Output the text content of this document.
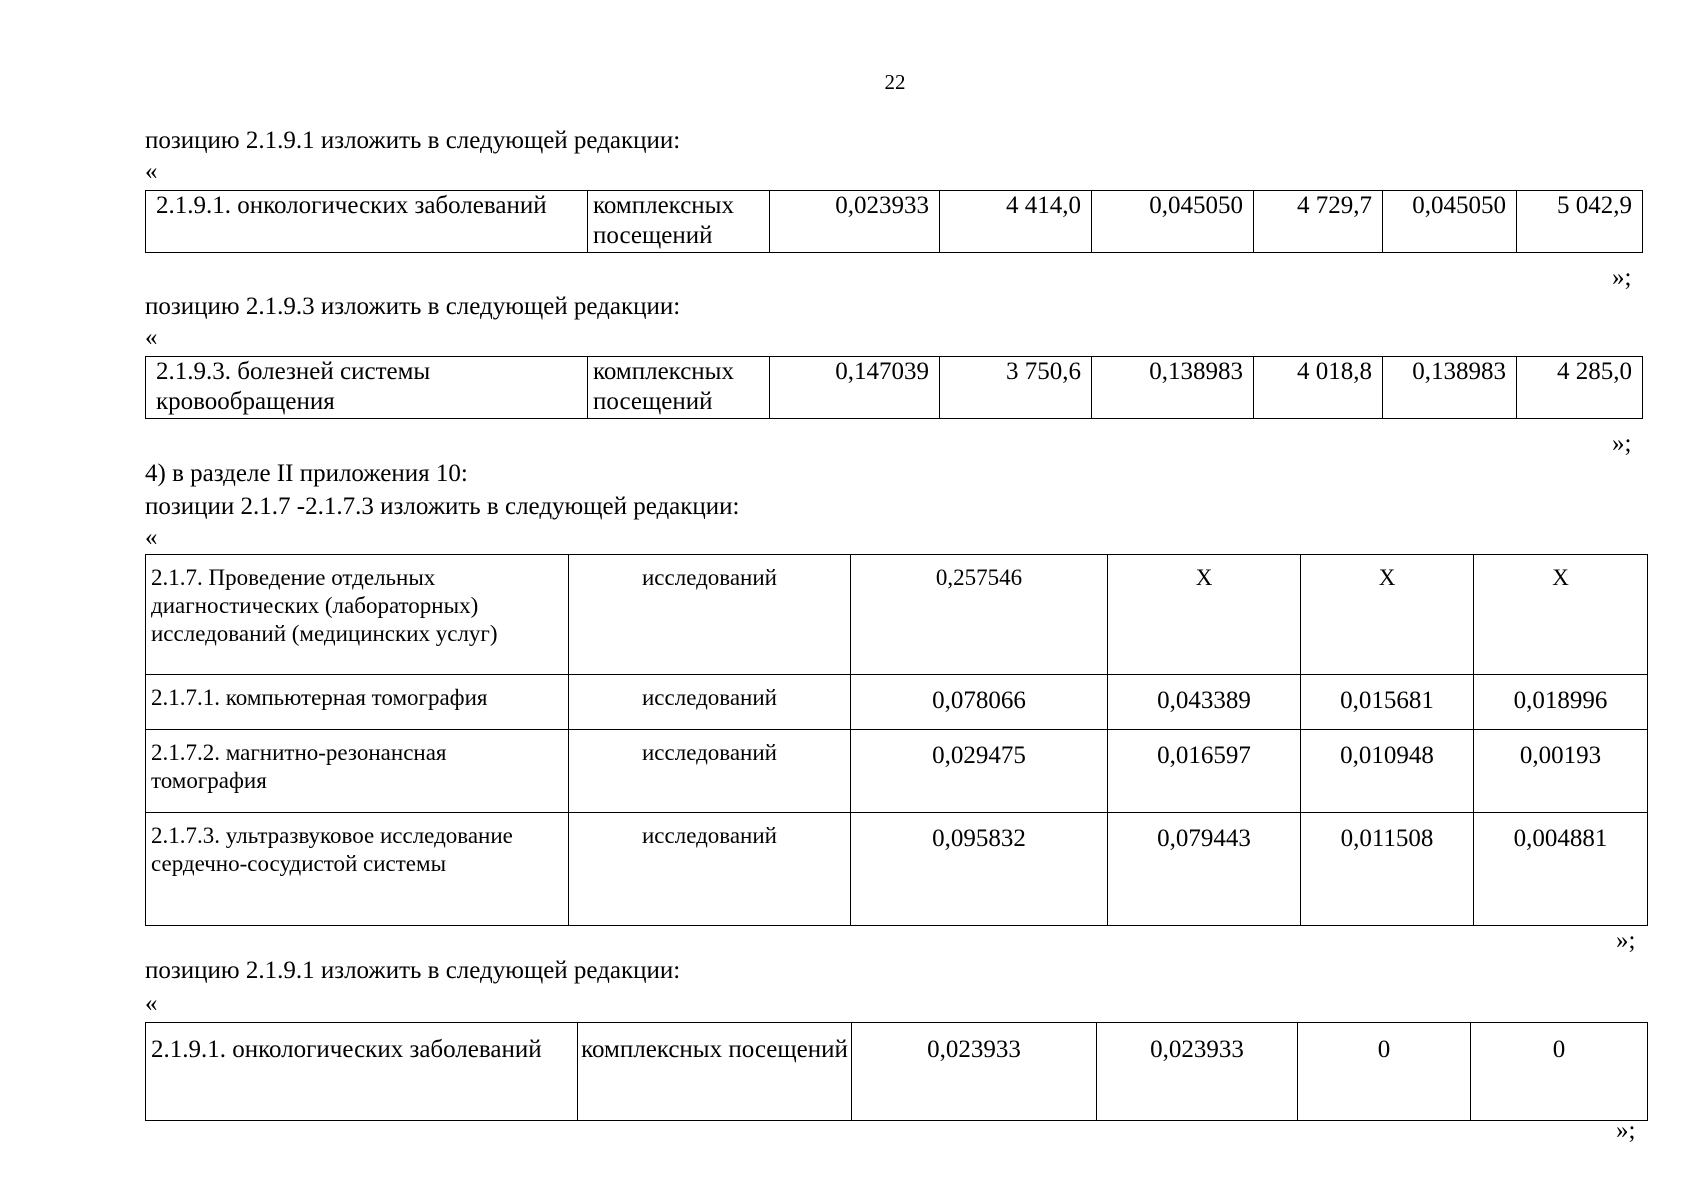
22
позицию 2.1.9.1 изложить в следующей редакции:
«
2.1.9.1. онкологических заболеваний	комплексных посещений	0,023933	4 414,0	0,045050	4 729,7	0,045050	5 042,9
»;
позицию 2.1.9.3 изложить в следующей редакции:
«
2.1.9.3. болезней системы кровообращения	комплексных посещений	0,147039	3 750,6	0,138983	4 018,8	0,138983	4 285,0
»;
4) в разделе II приложения 10:
позиции 2.1.7 -2.1.7.3 изложить в следующей редакции:
«
2.1.7. Проведение отдельных диагностических (лабораторных) исследований (медицинских услуг)	исследований	0,257546	Х	Х	Х
2.1.7.1. компьютерная томография	исследований	0,078066	0,043389	0,015681	0,018996
2.1.7.2. магнитно-резонансная томография	исследований	0,029475	0,016597	0,010948	0,00193
2.1.7.3. ультразвуковое исследование сердечно-сосудистой системы	исследований	0,095832	0,079443	0,011508	0,004881
»;
позицию 2.1.9.1 изложить в следующей редакции:
«
2.1.9.1. онкологических заболеваний	комплексных посещений	0,023933	0,023933	0	0
»;
